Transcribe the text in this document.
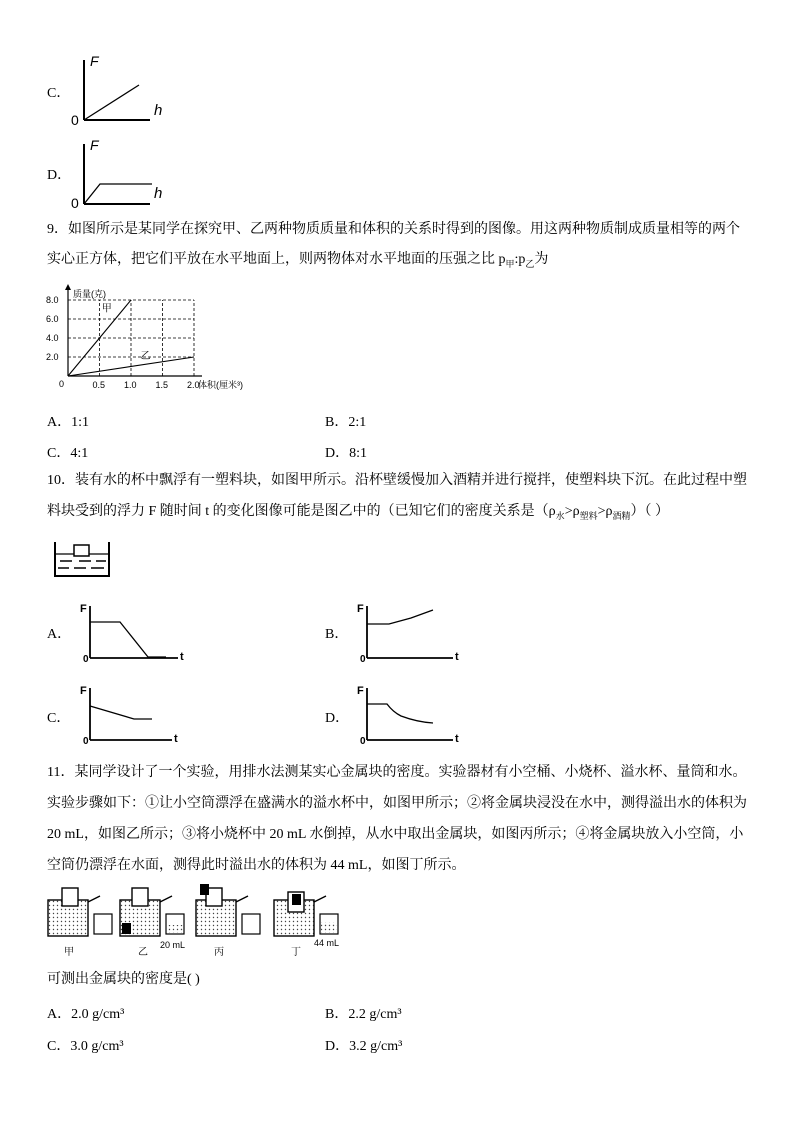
C．
F
h
0
D．
F
h
0
9．如图所示是某同学在探究甲、乙两种物质质量和体积的关系时得到的图像。用这两种物质制成质量相等的两个
实心正方体，把它们平放在水平地面上，则两物体对水平地面的压强之比 $p_甲:p_乙$为
0.5 1.0 1.5 2.0
8.0
6.0
4.0
2.0
0
质量(克)
体积(厘米³)
甲
乙
A．1:1	B．2:1
C．4:1	D．8:1
10．装有水的杯中飘浮有一塑料块，如图甲所示。沿杯壁缓慢加入酒精并进行搅拌，使塑料块下沉。在此过程中塑
料块受到的浮力 F 随时间 t 的变化图像可能是图乙中的（已知它们的密度关系是$(\rho_水>\rho_{塑料}>\rho_{酒精})$（ ）
A．
F
t
0
B．
F
t
0
C．
F
t
0
D．
F
t
0
11．某同学设计了一个实验，用排水法测某实心金属块的密度。实验器材有小空桶、小烧杯、溢水杯、量筒和水。
实验步骤如下：①让小空筒漂浮在盛满水的溢水杯中，如图甲所示；②将金属块浸没在水中，测得溢出水的体积为
20 mL，如图乙所示；③将小烧杯中 20 mL 水倒掉，从水中取出金属块，如图丙所示；④将金属块放入小空筒，小
空筒仍漂浮在水面，测得此时溢出水的体积为 44 mL，如图丁所示。
甲	乙
20 mL
丙	丁
44 mL
可测出金属块的密度是( )
A．2.0 g/cm³	B．2.2 g/cm³
C．3.0 g/cm³	D．3.2 g/cm³
